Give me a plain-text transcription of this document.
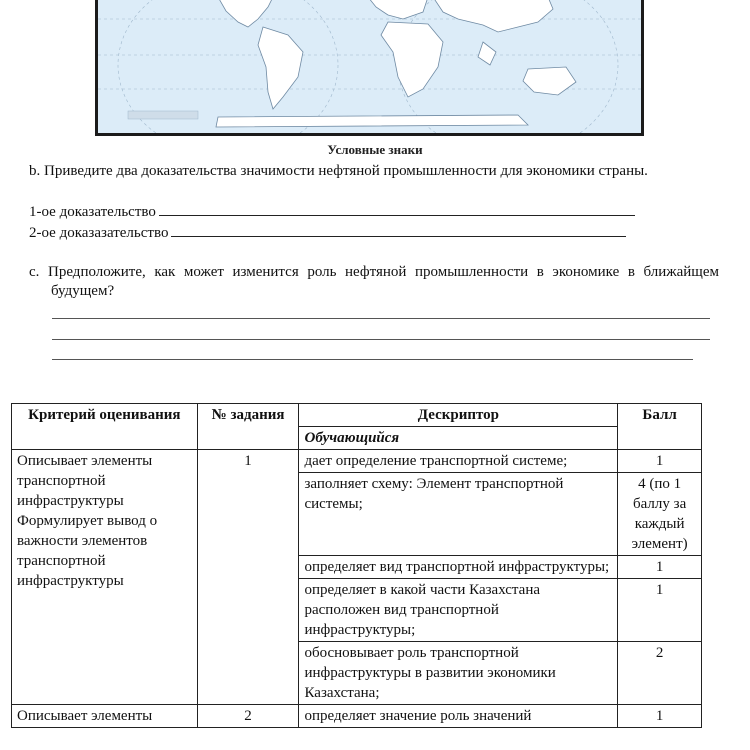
Условные знаки
b. Приведите два доказательства значимости нефтяной промышленности для экономики страны.
1-ое доказательство
2-ое доказазательство
c. Предположите, как может изменится роль нефтяной промышленности в экономике в ближайщем будущем?
Критерий оценивания	№ задания	Дескриптор	Балл
		Обучающийся	
Описывает элементы транспортной инфраструктуры Формулирует вывод о важности элементов транспортной инфраструктуры	1	дает определение транспортной системе;	1
		заполняет схему: Элемент транспортной системы;	4 (по 1 баллу за каждый элемент)
		определяет вид транспортной инфраструктуры;	1
		определяет в какой части Казахстана расположен вид транспортной инфраструктуры;	1
		обосновывает роль транспортной инфраструктуры в развитии экономики Казахстана;	2
Описывает элементы	2	определяет значение роль значений	1
